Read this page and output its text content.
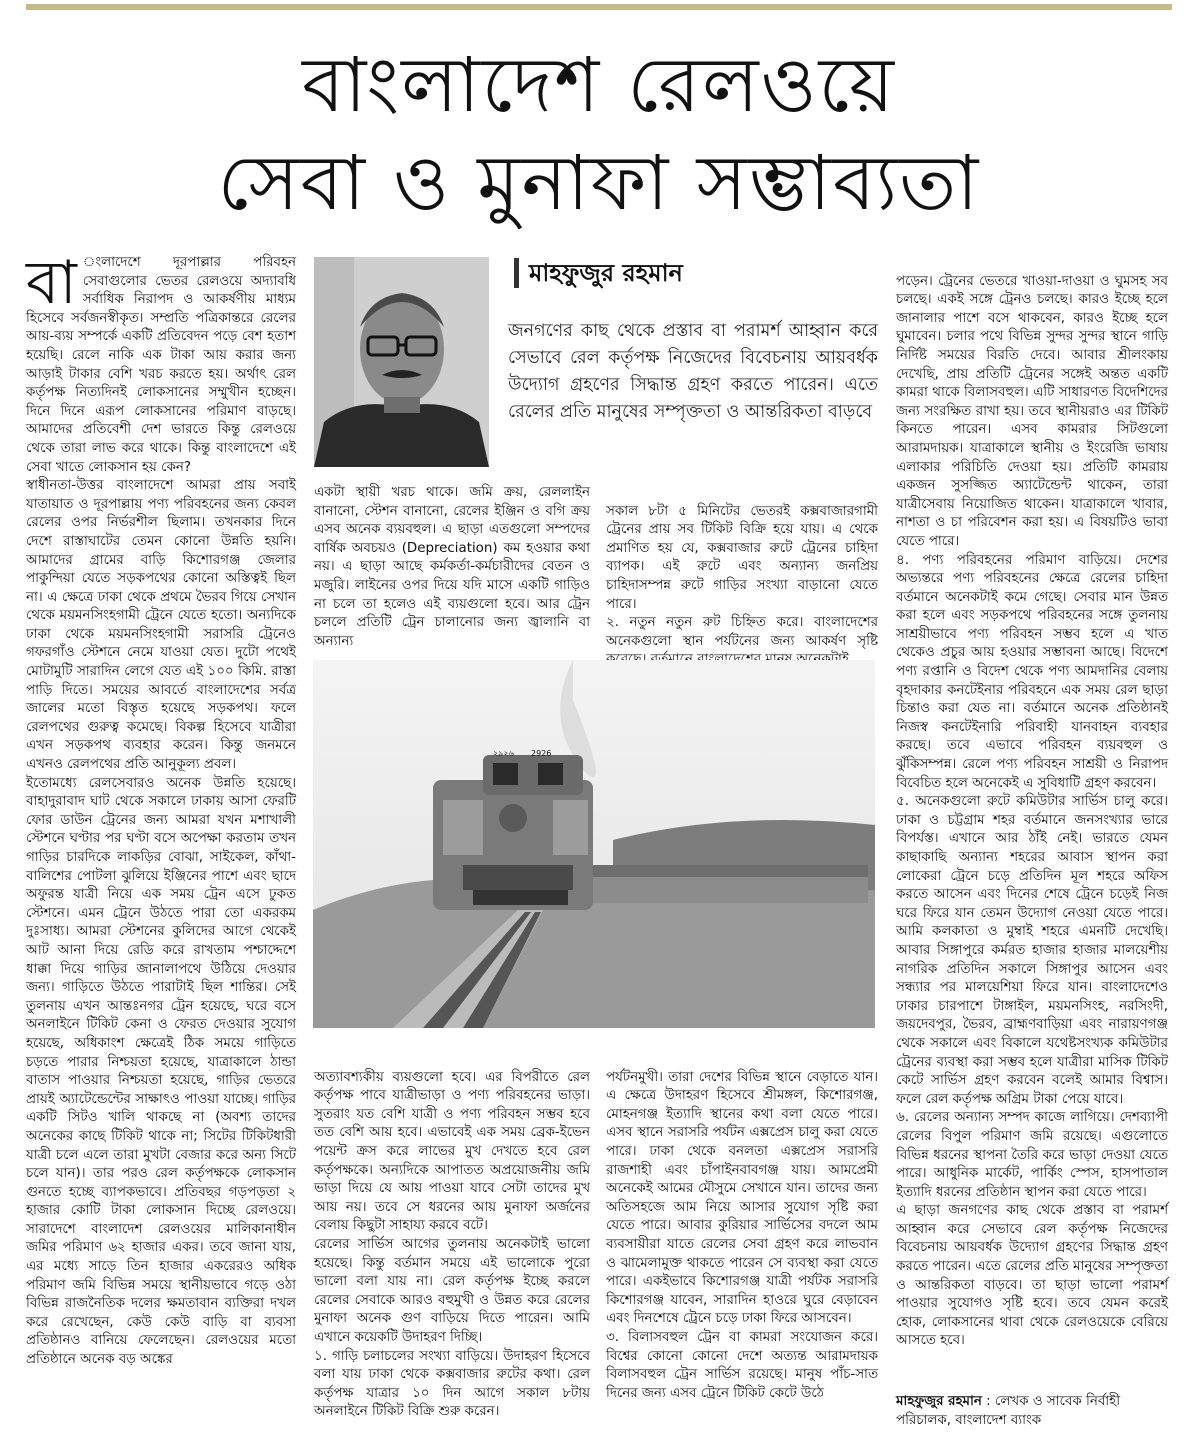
বাংলাদেশ রেলওয়ে
সেবা ও মুনাফা সম্ভাব্যতা
বা ংলাদেশে দূরপাল্লার পরিবহন সেবাগুলোর ভেতর রেলওয়ে অদ্যাবধি সর্বাধিক নিরাপদ ও আকর্ষণীয় মাধ্যম হিসেবে সর্বজনস্বীকৃত। সম্প্রতি পত্রিকান্তরে রেলের আয়-ব্যয় সম্পর্কে একটি প্রতিবেদন পড়ে বেশ হতাশ হয়েছি। রেলে নাকি এক টাকা আয় করার জন্য আড়াই টাকার বেশি খরচ করতে হয়। অর্থাৎ রেল কর্তৃপক্ষ নিত্যদিনই লোকসানের সম্মুখীন হচ্ছেন। দিনে দিনে এরূপ লোকসানের পরিমাণ বাড়ছে। আমাদের প্রতিবেশী দেশ ভারতে কিন্তু রেলওয়ে থেকে তারা লাভ করে থাকে। কিন্তু বাংলাদেশে এই সেবা খাতে লোকসান হয় কেন?

স্বাধীনতা-উত্তর বাংলাদেশে আমরা প্রায় সবাই যাতায়াত ও দূরপাল্লায় পণ্য পরিবহনের জন্য কেবল রেলের ওপর নির্ভরশীল ছিলাম। তখনকার দিনে দেশে রাস্তাঘাটের তেমন কোনো উন্নতি হয়নি। আমাদের গ্রামের বাড়ি কিশোরগঞ্জ জেলার পাকুন্দিয়া যেতে সড়কপথের কোনো অস্তিত্বই ছিল না। এ ক্ষেত্রে ঢাকা থেকে প্রথমে ভৈরব গিয়ে সেখান থেকে ময়মনসিংহগামী ট্রেনে যেতে হতো। অন্যদিকে ঢাকা থেকে ময়মনসিংহগামী সরাসরি ট্রেনেও গফরগাঁও স্টেশনে নেমে যাওয়া যেত। দুটো পথেই মোটামুটি সারাদিন লেগে যেত এই ১০০ কিমি. রাস্তা পাড়ি দিতে। সময়ের আবর্তে বাংলাদেশের সর্বত্র জালের মতো বিস্তৃত হয়েছে সড়কপথ। ফলে রেলপথের গুরুত্ব কমেছে। বিকল্প হিসেবে যাত্রীরা এখন সড়কপথ ব্যবহার করেন। কিন্তু জনমনে এখনও রেলপথের প্রতি আনুকূল্য প্রবল।

ইতোমধ্যে রেলসেবারও অনেক উন্নতি হয়েছে। বাহাদুরাবাদ ঘাট থেকে সকালে ঢাকায় আসা ফেরটি ফোর ডাউন ট্রেনের জন্য আমরা যখন মশাখালী স্টেশনে ঘণ্টার পর ঘণ্টা বসে অপেক্ষা করতাম তখন গাড়ির চারদিকে লাকড়ির বোঝা, সাইকেল, কাঁথা-বালিশের পোটলা ঝুলিয়ে ইঞ্জিনের পাশে এবং ছাদে অফুরন্ত যাত্রী নিয়ে এক সময় ট্রেন এসে ঢুকত স্টেশনে। এমন ট্রেনে উঠতে পারা তো একরকম দুঃসাধ্য। আমরা স্টেশনের কুলিদের আগে থেকেই আট আনা দিয়ে রেডি করে রাখতাম পশ্চাদ্দেশে ধাক্কা দিয়ে গাড়ির জানালাপথে উঠিয়ে দেওয়ার জন্য। গাড়িতে উঠতে পারাটাই ছিল শান্তির। সেই তুলনায় এখন আন্তঃনগর ট্রেন হয়েছে, ঘরে বসে অনলাইনে টিকিট কেনা ও ফেরত দেওয়ার সুযোগ হয়েছে, অধিকাংশ ক্ষেত্রেই ঠিক সময়ে গাড়িতে চড়তে পারার নিশ্চয়তা হয়েছে, যাত্রাকালে ঠান্ডা বাতাস পাওয়ার নিশ্চয়তা হয়েছে, গাড়ির ভেতরে প্রায়ই অ্যাটেন্ডেন্টের সাক্ষাৎও পাওয়া যাচ্ছে। গাড়ির একটি সিটও খালি থাকছে না (অবশ্য তাদের অনেকের কাছে টিকিট থাকে না; সিটের টিকিটধারী যাত্রী চলে এলে তারা মুখটা বেজার করে অন্য সিটে চলে যান)। তার পরও রেল কর্তৃপক্ষকে লোকসান গুনতে হচ্ছে ব্যাপকভাবে। প্রতিবছর গড়পড়তা ২ হাজার কোটি টাকা লোকসান দিচ্ছে রেলওয়ে। সারাদেশে বাংলাদেশ রেলওয়ের মালিকানাধীন জমির পরিমাণ ৬২ হাজার একর। তবে জানা যায়, এর মধ্যে সাড়ে তিন হাজার একরেরও অধিক পরিমাণ জমি বিভিন্ন সময়ে স্থানীয়ভাবে গড়ে ওঠা বিভিন্ন রাজনৈতিক দলের ক্ষমতাবান ব্যক্তিরা দখল করে রেখেছেন, কেউ কেউ বাড়ি বা ব্যবসা প্রতিষ্ঠানও বানিয়ে ফেলেছেন। রেলওয়ের মতো প্রতিষ্ঠানে অনেক বড় অঙ্কের

মাহফুজুর রহমান
জনগণের কাছ থেকে প্রস্তাব বা পরামর্শ আহ্বান করে সেভাবে রেল কর্তৃপক্ষ নিজেদের বিবেচনায় আয়বর্ধক উদ্যোগ গ্রহণের সিদ্ধান্ত গ্রহণ করতে পারেন। এতে রেলের প্রতি মানুষের সম্পৃক্ততা ও আন্তরিকতা বাড়বে

একটা স্থায়ী খরচ থাকে। জমি ক্রয়, রেললাইন বানানো, স্টেশন বানানো, রেলের ইঞ্জিন ও বগি ক্রয় এসব অনেক ব্যয়বহুল। এ ছাড়া এতগুলো সম্পদের বার্ষিক অবচয়ও (Depreciation) কম হওয়ার কথা নয়। এ ছাড়া আছে কর্মকর্তা-কর্মচারীদের বেতন ও মজুরি। লাইনের ওপর দিয়ে যদি মাসে একটি গাড়িও না চলে তা হলেও এই ব্যয়গুলো হবে। আর ট্রেন চললে প্রতিটি ট্রেন চালানোর জন্য জ্বালানি বা অন্যান্য

সকাল ৮টা ৫ মিনিটের ভেতরই কক্সবাজারগামী ট্রেনের প্রায় সব টিকিট বিক্রি হয়ে যায়। এ থেকে প্রমাণিত হয় যে, কক্সবাজার রুটে ট্রেনের চাহিদা ব্যাপক। এই রুটে এবং অন্যান্য জনপ্রিয় চাহিদাসম্পন্ন রুটে গাড়ির সংখ্যা বাড়ানো যেতে পারে।
২. নতুন নতুন রুট চিহ্নিত করে। বাংলাদেশের অনেকগুলো স্থান পর্যটনের জন্য আকর্ষণ সৃষ্টি

২৯২৬ 2926

অত্যাবশ্যকীয় ব্যয়গুলো হবে। এর বিপরীতে রেল কর্তৃপক্ষ পাবে যাত্রীভাড়া ও পণ্য পরিবহনের ভাড়া। সুতরাং যত বেশি যাত্রী ও পণ্য পরিবহন সম্ভব হবে তত বেশি আয় হবে। এভাবেই এক সময় ব্রেক-ইভেন পয়েন্ট ক্রস করে লাভের মুখ দেখতে হবে রেল কর্তৃপক্ষকে। অন্যদিকে আপাতত অপ্রয়োজনীয় জমি ভাড়া দিয়ে যে আয় পাওয়া যাবে সেটা তাদের মুখ আয় নয়। তবে সে ধরনের আয় মুনাফা অর্জনের বেলায় কিছুটা সাহায্য করবে বটে।
রেলের সার্ভিস আগের তুলনায় অনেকটাই ভালো হয়েছে। কিন্তু বর্তমান সময়ে এই ভালোকে পুরো ভালো বলা যায় না। রেল কর্তৃপক্ষ ইচ্ছে করলে রেলের সেবাকে আরও বহুমুখী ও উন্নত করে রেলের মুনাফা অনেক গুণ বাড়িয়ে দিতে পারেন। আমি এখানে কয়েকটি উদাহরণ দিচ্ছি।
১. গাড়ি চলাচলের সংখ্যা বাড়িয়ে। উদাহরণ হিসেবে বলা যায় ঢাকা থেকে কক্সবাজার রুটের কথা। রেল কর্তৃপক্ষ যাত্রার ১০ দিন আগে সকাল ৮টায় অনলাইনে টিকিট বিক্রি শুরু করেন।

পর্যটনমুখী। তারা দেশের বিভিন্ন স্থানে বেড়াতে যান। এ ক্ষেত্রে উদাহরণ হিসেবে শ্রীমঙ্গল, কিশোরগঞ্জ, মোহনগঞ্জ ইত্যাদি স্থানের কথা বলা যেতে পারে। এসব স্থানে সরাসরি পর্যটন এক্সপ্রেস চালু করা যেতে পারে। ঢাকা থেকে বনলতা এক্সপ্রেস সরাসরি রাজশাহী এবং চাঁপাইনবাবগঞ্জ যায়। আমপ্রেমী অনেকেই আমের মৌসুমে সেখানে যান। তাদের জন্য অতিসহজে আম নিয়ে আসার সুযোগ সৃষ্টি করা যেতে পারে। আবার কুরিয়ার সার্ভিসের বদলে আম ব্যবসায়ীরা যাতে রেলের সেবা গ্রহণ করে লাভবান ও ঝামেলামুক্ত থাকতে পারেন সে ব্যবস্থা করা যেতে পারে। একইভাবে কিশোরগঞ্জ যাত্রী পর্যটক সরাসরি কিশোরগঞ্জ যাবেন, সারাদিন হাওরে ঘুরে বেড়াবেন এবং দিনশেষে ট্রেনে চড়ে ঢাকা ফিরে আসবেন।
৩. বিলাসবহুল ট্রেন বা কামরা সংযোজন করে। বিশ্বের কোনো কোনো দেশে অত্যন্ত আরামদায়ক বিলাসবহুল ট্রেন সার্ভিস রয়েছে। মানুষ পাঁচ-সাত দিনের জন্য এসব ট্রেনে টিকিট কেটে উঠে

পড়েন। ট্রেনের ভেতরে খাওয়া-দাওয়া ও ঘুমসহ সব চলছে। একই সঙ্গে ট্রেনও চলছে। কারও ইচ্ছে হলে জানালার পাশে বসে থাকবেন, কারও ইচ্ছে হলে ঘুমাবেন। চলার পথে বিভিন্ন সুন্দর সুন্দর স্থানে গাড়ি নির্দিষ্ট সময়ের বিরতি দেবে। আবার শ্রীলংকায় দেখেছি, প্রায় প্রতিটি ট্রেনের সঙ্গেই অন্তত একটি কামরা থাকে বিলাসবহুল। এটি সাধারণত বিদেশিদের জন্য সংরক্ষিত রাখা হয়। তবে স্থানীয়রাও এর টিকিট কিনতে পারেন। এসব কামরার সিটগুলো আরামদায়ক। যাত্রাকালে স্থানীয় ও ইংরেজি ভাষায় এলাকার পরিচিতি দেওয়া হয়। প্রতিটি কামরায় একজন সুসজ্জিত অ্যাটেন্ডেন্ট থাকেন, তারা যাত্রীসেবায় নিয়োজিত থাকেন। যাত্রাকালে খাবার, নাশতা ও চা পরিবেশন করা হয়। এ বিষয়টিও ভাবা যেতে পারে।
৪. পণ্য পরিবহনের পরিমাণ বাড়িয়ে। দেশের অভ্যন্তরে পণ্য পরিবহনের ক্ষেত্রে রেলের চাহিদা বর্তমানে অনেকটাই কমে গেছে। সেবার মান উন্নত করা হলে এবং সড়কপথে পরিবহনের সঙ্গে তুলনায় সাশ্রয়ীভাবে পণ্য পরিবহন সম্ভব হলে এ খাত থেকেও প্রচুর আয় হওয়ার সম্ভাবনা আছে। বিদেশে পণ্য রপ্তানি ও বিদেশ থেকে পণ্য আমদানির বেলায় বৃহদাকার কনটেইনার পরিবহনে এক সময় রেল ছাড়া চিন্তাও করা যেত না। বর্তমানে অনেক প্রতিষ্ঠানই নিজস্ব কনটেইনারি পরিবাহী যানবাহন ব্যবহার করছে। তবে এভাবে পরিবহন ব্যয়বহুল ও ঝুঁকিসম্পন্ন। রেলে পণ্য পরিবহন সাশ্রয়ী ও নিরাপদ বিবেচিত হলে অনেকেই এ সুবিধাটি গ্রহণ করবেন।
৫. অনেকগুলো রুটে কমিউটার সার্ভিস চালু করে। ঢাকা ও চট্টগ্রাম শহর বর্তমানে জনসংখ্যার ভারে বিপর্যস্ত। এখানে আর ঠাঁই নেই। ভারতে যেমন কাছাকাছি অন্যান্য শহরের আবাস স্থাপন করা লোকেরা ট্রেনে চড়ে প্রতিদিন মূল শহরে অফিস করতে আসেন এবং দিনের শেষে ট্রেনে চড়েই নিজ ঘরে ফিরে যান তেমন উদ্যোগ নেওয়া যেতে পারে। আমি কলকাতা ও মুম্বাই শহরে এমনটি দেখেছি। আবার সিঙ্গাপুরে কর্মরত হাজার হাজার মালয়েশীয় নাগরিক প্রতিদিন সকালে সিঙ্গাপুর আসেন এবং সন্ধ্যার পর মালয়েশিয়া ফিরে যান। বাংলাদেশেও ঢাকার চারপাশে টাঙ্গাইল, ময়মনসিংহ, নরসিংদী, জয়দেবপুর, ভৈরব, ব্রাহ্মণবাড়িয়া এবং নারায়ণগঞ্জ থেকে সকালে এবং বিকালে যথেষ্টসংখ্যক কমিউটার ট্রেনের ব্যবস্থা করা সম্ভব হলে যাত্রীরা মাসিক টিকিট কেটে সার্ভিস গ্রহণ করবেন বলেই আমার বিশ্বাস। ফলে রেল কর্তৃপক্ষ অগ্রিম টাকা পেয়ে যাবে।
৬. রেলের অন্যান্য সম্পদ কাজে লাগিয়ে। দেশব্যাপী রেলের বিপুল পরিমাণ জমি রয়েছে। এগুলোতে বিভিন্ন ধরনের স্থাপনা তৈরি করে ভাড়া দেওয়া যেতে পারে। আধুনিক মার্কেট, পার্কিং স্পেস, হাসপাতাল ইত্যাদি ধরনের প্রতিষ্ঠান স্থাপন করা যেতে পারে।
এ ছাড়া জনগণের কাছ থেকে প্রস্তাব বা পরামর্শ আহ্বান করে সেভাবে রেল কর্তৃপক্ষ নিজেদের বিবেচনায় আয়বর্ধক উদ্যোগ গ্রহণের সিদ্ধান্ত গ্রহণ করতে পারেন। এতে রেলের প্রতি মানুষের সম্পৃক্ততা ও আন্তরিকতা বাড়বে। তা ছাড়া ভালো পরামর্শ পাওয়ার সুযোগও সৃষ্টি হবে। তবে যেমন করেই হোক, লোকসানের থাবা থেকে রেলওয়েকে বেরিয়ে আসতে হবে।

মাহফুজুর রহমান : লেখক ও সাবেক নির্বাহী পরিচালক, বাংলাদেশ ব্যাংক
